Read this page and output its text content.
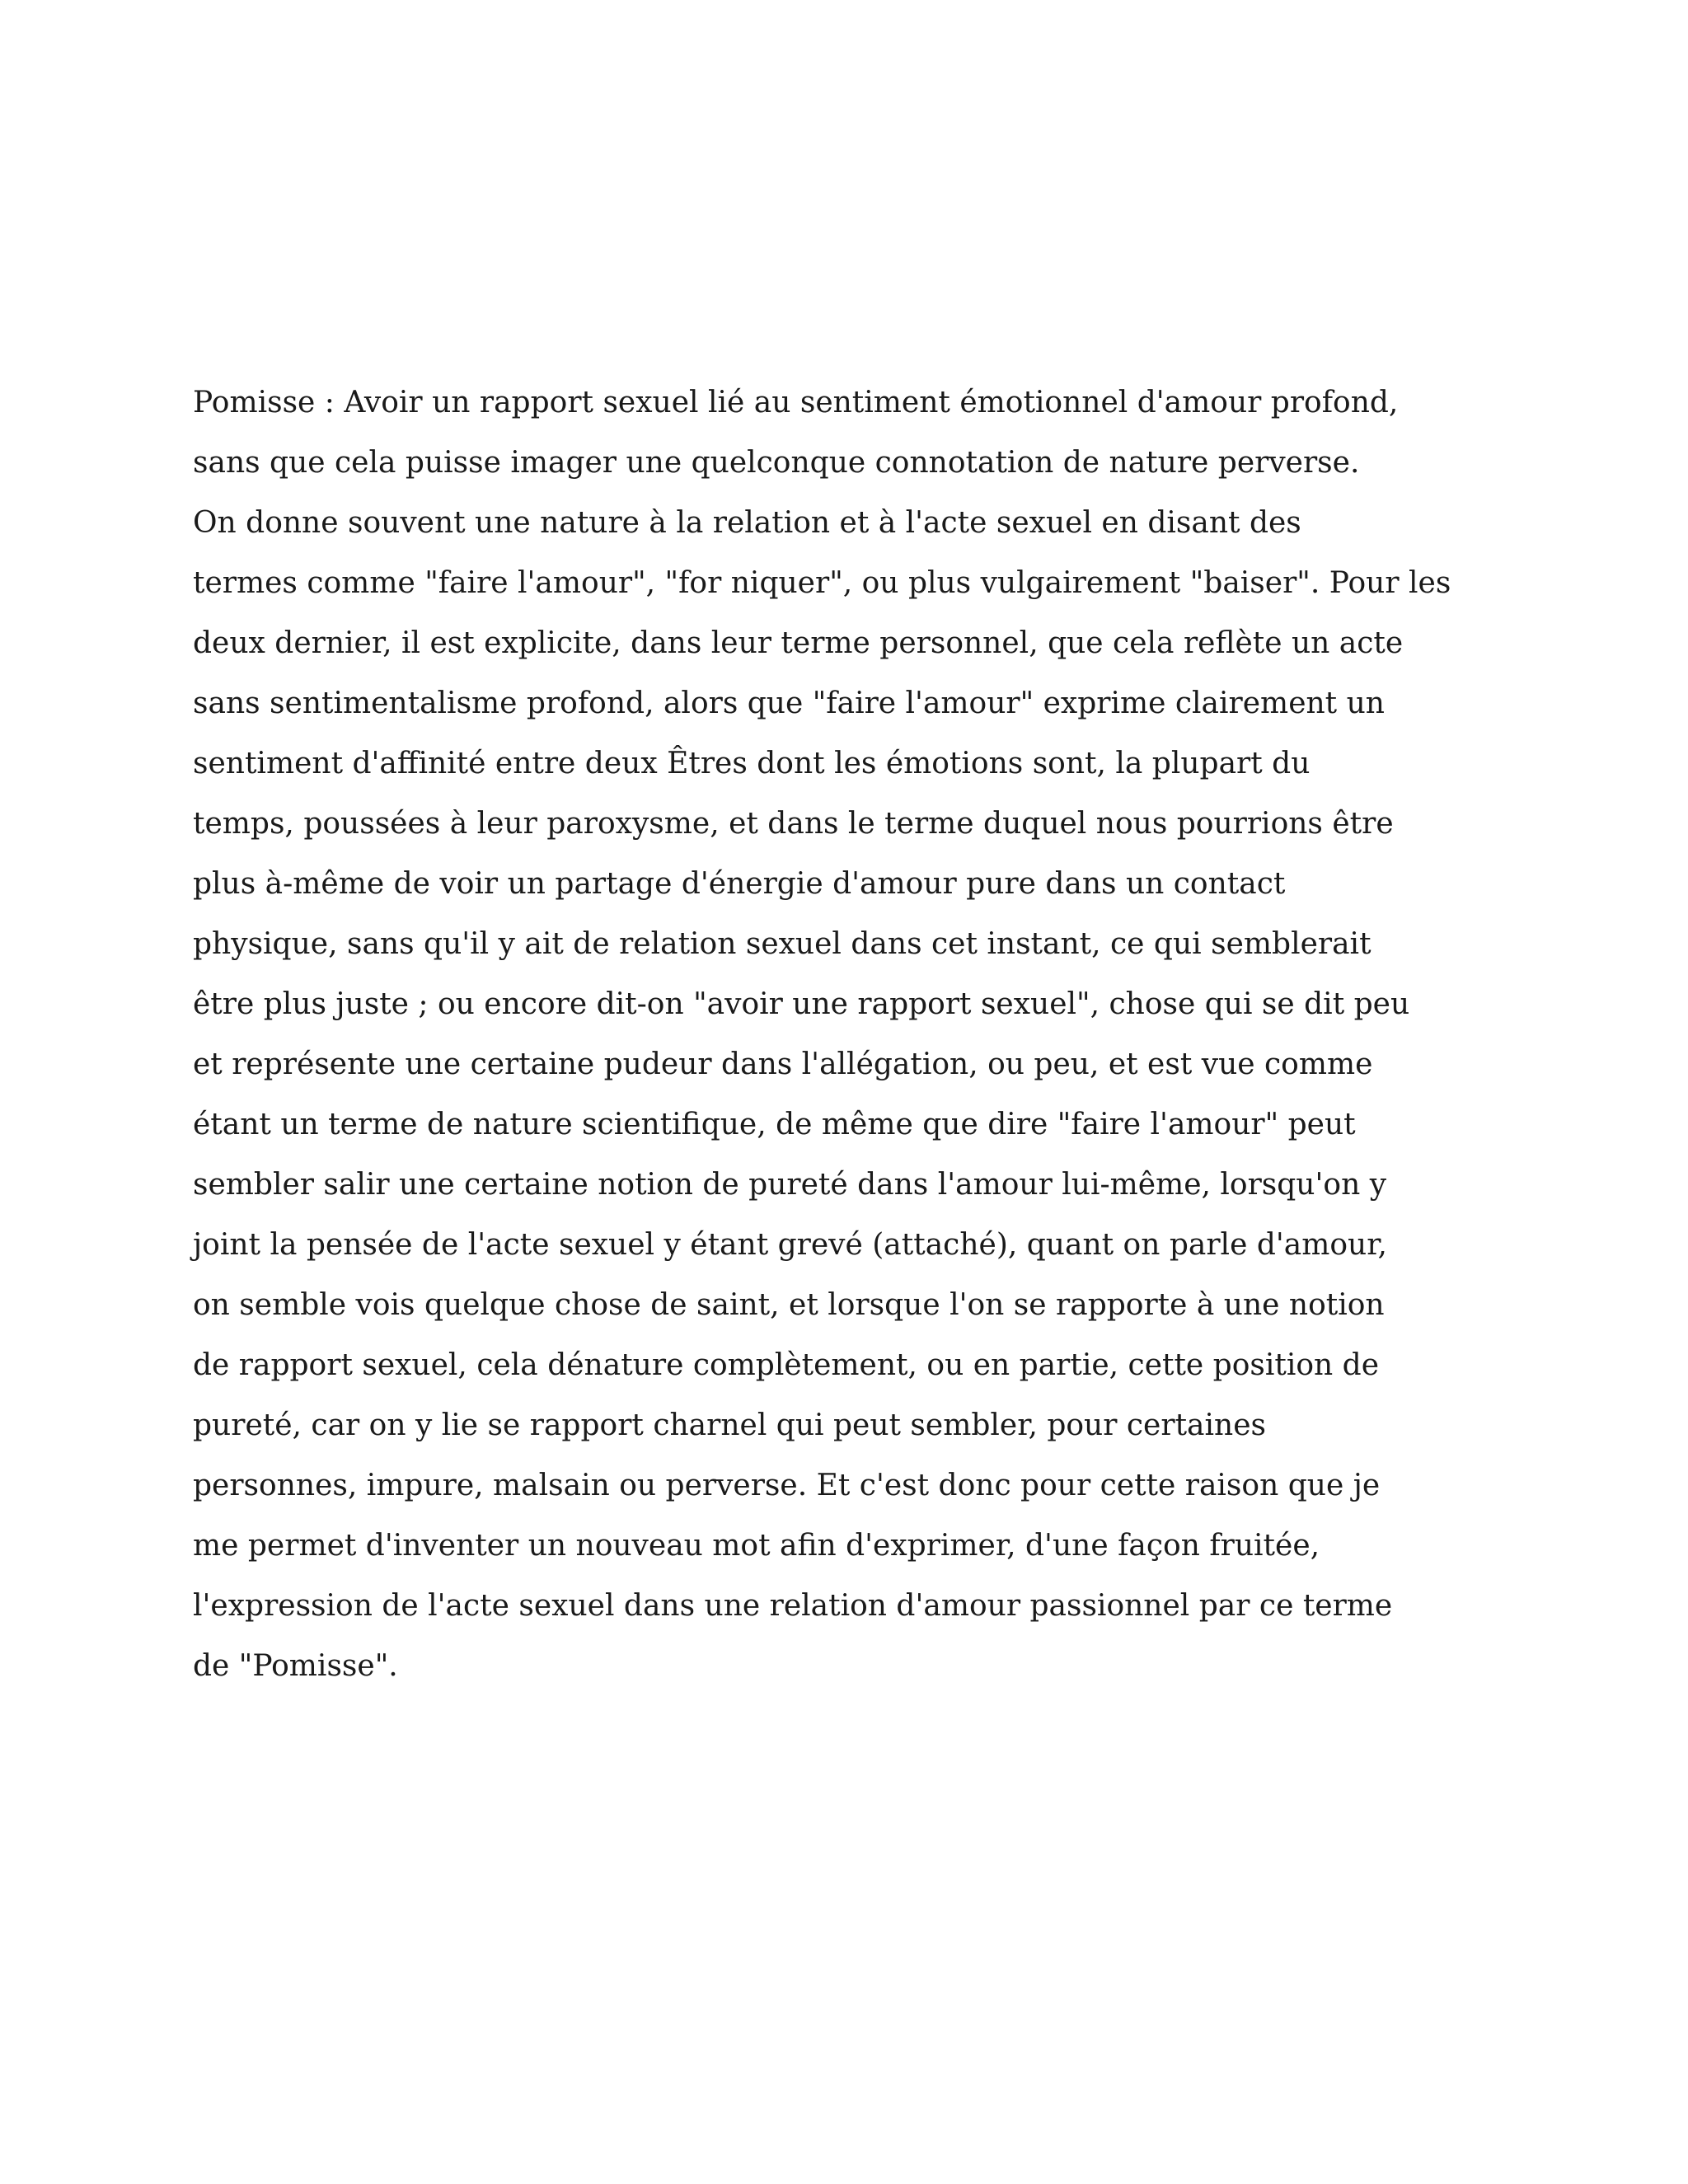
Pomisse : Avoir un rapport sexuel lié au sentiment émotionnel d'amour profond,
sans que cela puisse imager une quelconque connotation de nature perverse.
On donne souvent une nature à la relation et à l'acte sexuel en disant des
termes comme "faire l'amour", "for niquer", ou plus vulgairement "baiser". Pour les
deux dernier, il est explicite, dans leur terme personnel, que cela reflète un acte
sans sentimentalisme profond, alors que "faire l'amour" exprime clairement un
sentiment d'affinité entre deux Êtres dont les émotions sont, la plupart du
temps, poussées à leur paroxysme, et dans le terme duquel nous pourrions être
plus à-même de voir un partage d'énergie d'amour pure dans un contact
physique, sans qu'il y ait de relation sexuel dans cet instant, ce qui semblerait
être plus juste ; ou encore dit-on "avoir une rapport sexuel", chose qui se dit peu
et représente une certaine pudeur dans l'allégation, ou peu, et est vue comme
étant un terme de nature scientifique, de même que dire "faire l'amour" peut
sembler salir une certaine notion de pureté dans l'amour lui-même, lorsqu'on y
joint la pensée de l'acte sexuel y étant grevé (attaché), quant on parle d'amour,
on semble vois quelque chose de saint, et lorsque l'on se rapporte à une notion
de rapport sexuel, cela dénature complètement, ou en partie, cette position de
pureté, car on y lie se rapport charnel qui peut sembler, pour certaines
personnes, impure, malsain ou perverse. Et c'est donc pour cette raison que je
me permet d'inventer un nouveau mot afin d'exprimer, d'une façon fruitée,
l'expression de l'acte sexuel dans une relation d'amour passionnel par ce terme
de "Pomisse".
